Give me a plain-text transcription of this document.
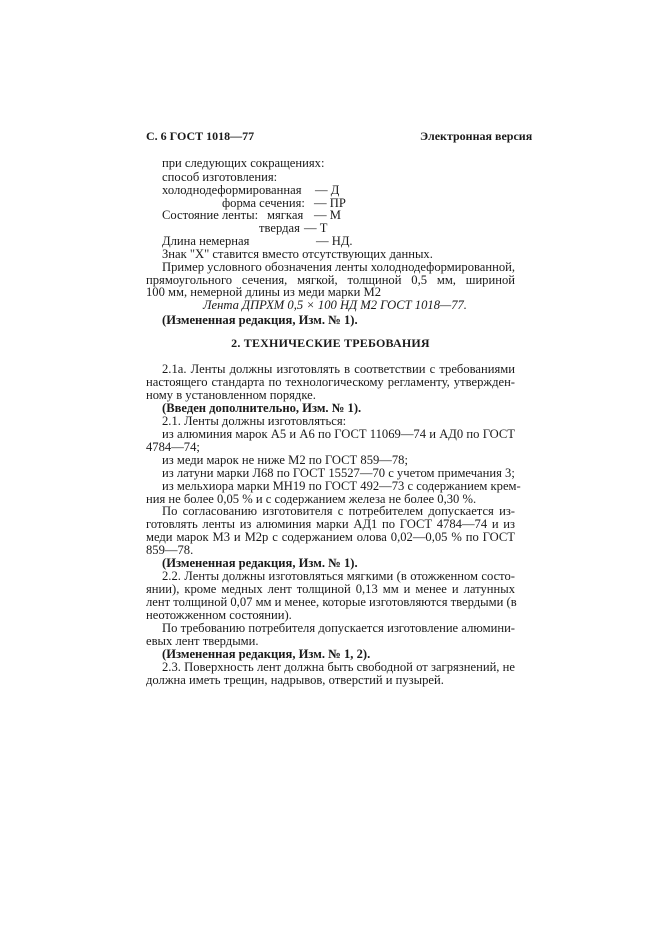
С. 6 ГОСТ 1018—77	Электронная версия
при следующих сокращениях:
способ изготовления:
холоднодеформированная — Д
форма сечения: — ПР
Состояние ленты: мягкая — М
твердая — Т
Длина немерная	— НД.
Знак "Х" ставится вместо отсутствующих данных.
Пример условного обозначения ленты холоднодеформированной,
прямоугольного сечения, мягкой, толщиной 0,5 мм, шириной
100 мм, немерной длины из меди марки М2
Лента ДПРХМ 0,5 × 100 НД М2 ГОСТ 1018—77.
(Измененная редакция, Изм. № 1).
2. ТЕХНИЧЕСКИЕ ТРЕБОВАНИЯ
2.1а. Ленты должны изготовлять в соответствии с требованиями
настоящего стандарта по технологическому регламенту, утвержден-
ному в установленном порядке.
(Введен дополнительно, Изм. № 1).
2.1. Ленты должны изготовляться:
из алюминия марок А5 и А6 по ГОСТ 11069—74 и АД0 по ГОСТ
4784—74;
из меди марок не ниже М2 по ГОСТ 859—78;
из латуни марки Л68 по ГОСТ 15527—70 с учетом примечания 3;
из мельхиора марки МН19 по ГОСТ 492—73 с содержанием крем-
ния не более 0,05 % и с содержанием железа не более 0,30 %.
По согласованию изготовителя с потребителем допускается из-
готовлять ленты из алюминия марки АД1 по ГОСТ 4784—74 и из
меди марок М3 и М2р с содержанием олова 0,02—0,05 % по ГОСТ
859—78.
(Измененная редакция, Изм. № 1).
2.2. Ленты должны изготовляться мягкими (в отожженном состо-
янии), кроме медных лент толщиной 0,13 мм и менее и латунных
лент толщиной 0,07 мм и менее, которые изготовляются твердыми (в
неотожженном состоянии).
По требованию потребителя допускается изготовление алюмини-
евых лент твердыми.
(Измененная редакция, Изм. № 1, 2).
2.3. Поверхность лент должна быть свободной от загрязнений, не
должна иметь трещин, надрывов, отверстий и пузырей.
